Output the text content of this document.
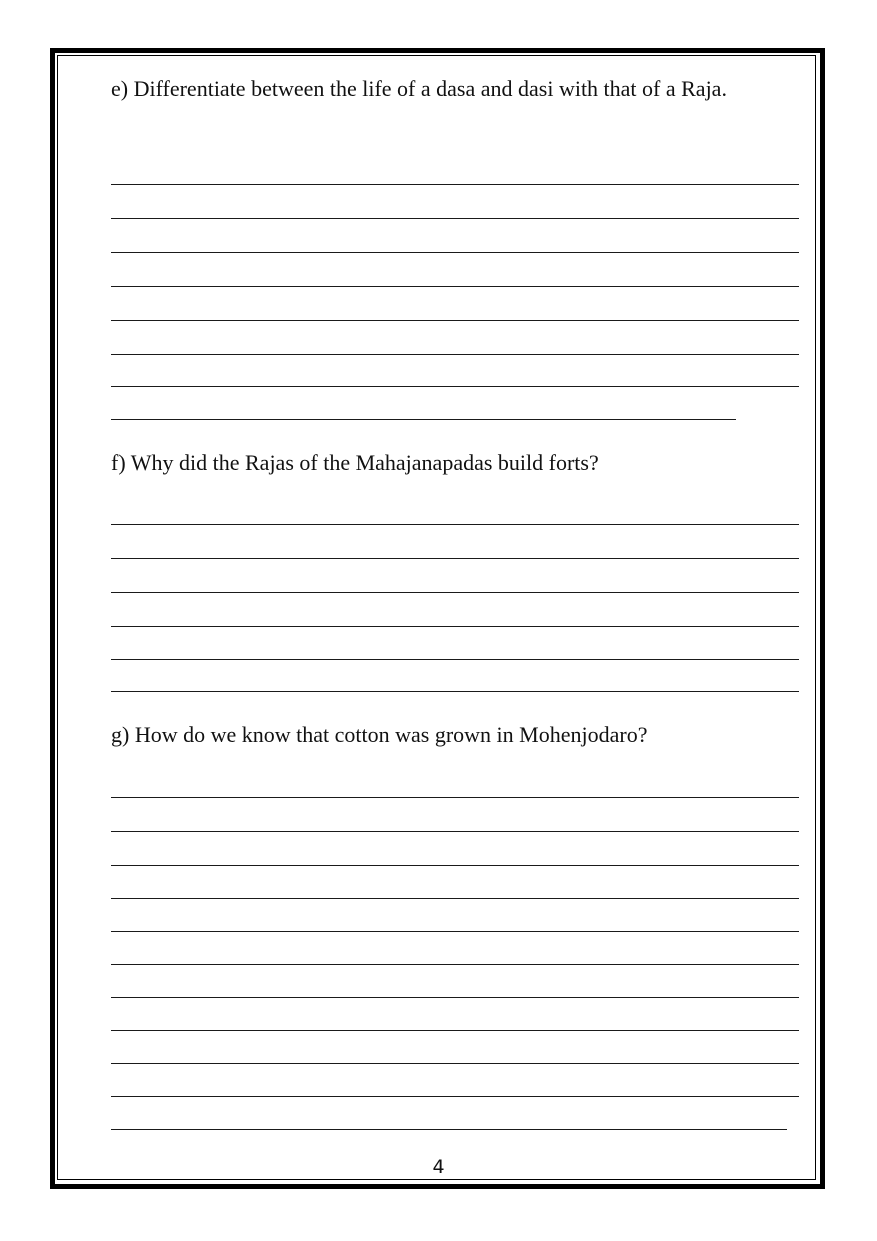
e) Differentiate between the life of a dasa and dasi with that of a Raja.

f) Why did the Rajas of the Mahajanapadas build forts?

g) How do we know that cotton was grown in Mohenjodaro?

4
